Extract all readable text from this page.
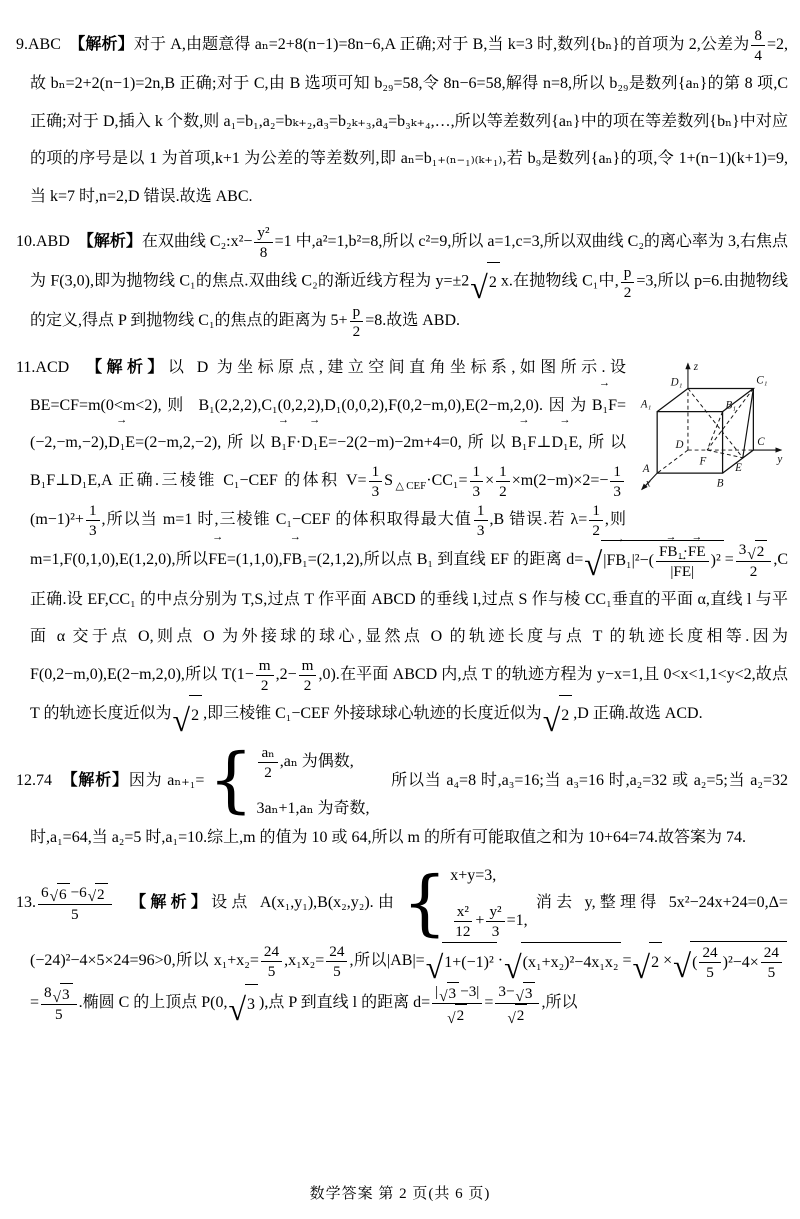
9.ABC　【解析】对于 A,由题意得 aₙ=2+8(n−1)=8n−6,A 正确;对于 B,当 k=3 时,数列{bₙ}的首项为 2,公差为 $\frac{8}{4} =2$,故 bₙ=2+2(n−1)=2n,B 正确;对于 C,由 B 选项可知 b₂₉=58,令 8n−6=58,解得 n=8,所以 b₂₉是数列{aₙ}的第 8 项,C 正确;对于 D,插入 k 个数,则 a₁=b₁,a₂=bₖ₊₂,a₃=b₂ₖ₊₃,a₄=b₃ₖ₊₄,…,所以等差数列{aₙ}中的项在等差数列{bₙ}中对应的项的序号是以 1 为首项,k+1 为公差的等差数列,即 aₙ=b₁₊₍ₙ₋₁₎₍ₖ₊₁₎,若 b₉是数列{aₙ}的项,令 1+(n−1)(k+1)=9,当 k=7 时,n=2,D 错误.故选 ABC.
10.ABD　【解析】在双曲线 C₂:x²− $\frac{\text{y²}}{8} =1$ 中,a²=1,b²=8,所以 c²=9,所以 a=1,c=3,所以双曲线 C₂的离心率为 3,右焦点为 F(3,0),即为抛物线 C₁的焦点.双曲线 C₂的渐近线方程为 y=±2 √ 2 x.在抛物线 C₁中, $\frac{p}{2} =3$,所以 p=6.由抛物线的定义,得点 P 到抛物线 C₁的焦点的距离为 $5+ \frac{p}{2} =8$.故选 ABD.
z
y
x
D₁	C₁
B₁
A₁
D	C
F
A	E
B
11.ACD　【解析】以 D 为坐标原点,建立空间直角坐标系,如图所示.设 BE=CF=m(0<m<2),则 B₁(2,2,2),C₁(0,2,2),D₁(0,0,2),F(0,2−m,0),E(2−m,2,0).因为→ B₁F=(−2,−m,−2),→ D₁E=(2−m,2,−2),所以→ B₁F·→ D₁E=−2(2−m)−2m+4=0,所以→ B₁F⊥→ D₁E,所以 B₁F⊥D₁E,A 正确.三棱锥 C₁−CEF 的体积 $V= \frac{1}{3} S_{\triangle CEF}\cdot CC_1= \frac{1}{3} \times \frac{1}{2} \times m(2-m)\times 2=- \frac{1}{3}$
$(m-1)^2+ \frac{1}{3}$ ,所以当 m=1 时,三棱锥 C₁−CEF 的体积取得最大值 $\frac{1}{3} ,B$ 错误.若 $\lambda= \frac{1}{2}$ ,则 m=1,F(0,1,0),E(1,2,0),所以→ FE=(1,1,0),→ FB₁=(2,1,2),所以点 B₁ 到直线 EF 的距离 d= √ | → FB₁ $|^2-( \to \frac{\text{FB₁·→ FE}}{|\to FE|} )^2 = \frac{3 √ 2}{2} ,C$ 正确.设 EF,CC₁ 的中点分别为 T,S,过点 T 作平面 ABCD 的垂线 l,过点 S 作与棱 CC₁垂直的平面 α,直线 l 与平面 α 交于点 O,则点 O 为外接球的球心,显然点 O 的轨迹长度与点 T 的轨迹长度相等.因为 F(0,2−m,0),E(2−m,2,0),所以 $T(1- \frac{m}{2} ,2- \frac{m}{2} ,0)$.在平面 ABCD 内,点 T 的轨迹方程为 y−x=1,且 0<x<1,1<y<2,故点 T 的轨迹长度近似为 √ 2 ,即三棱锥 C₁−CEF 外接球球心轨迹的长度近似为 √ 2 ,D 正确.故选 ACD.
12.74　【解析】因为 aₙ₊₁= { $\frac{\text{aₙ}}{2} ,a_n$ 为偶数,
3aₙ+1,aₙ 为奇数,
　所以当 a₄=8 时,a₃=16;当 a₃=16 时,a₂=32 或 a₂=5;当 a₂=32 时,a₁=64,当 a₂=5 时,a₁=10.综上,m 的值为 10 或 64,所以 m 的所有可能取值之和为 10+64=74.故答案为 74.
13. $\frac{6 √ 6 -6 √ 2}{5}$
　 【解析】设点 A(x₁,y₁),B(x₂,y₂).由 { x+y=3,
$\frac{\text{x²}}{12} + \frac{\text{y²}}{3} =1$,
消去 y,整理得 5x²−24x+24=0,Δ=(−24)²−4×5×24=96>0,所以 $x_1+x_2= \frac{24}{5} ,x_1x_2= \frac{24}{5}$ ,所以|AB|= √ 1+(−1)² · √ (x₁+x₂)²−4x₁x₂ = √ 2 × √ ( $\frac{24}{5} )^2-4\times \frac{24}{5}$
= $\frac{8 √ 3}{5}$ .椭圆 C 的上顶点 P(0, √ 3 ),点 P 到直线 l 的距离 $d= \frac{| √ 3 -3|}{√ 2} = \frac{3- √ 3}{√ 2}$ ,所以
数学答案 第 2 页(共 6 页)
